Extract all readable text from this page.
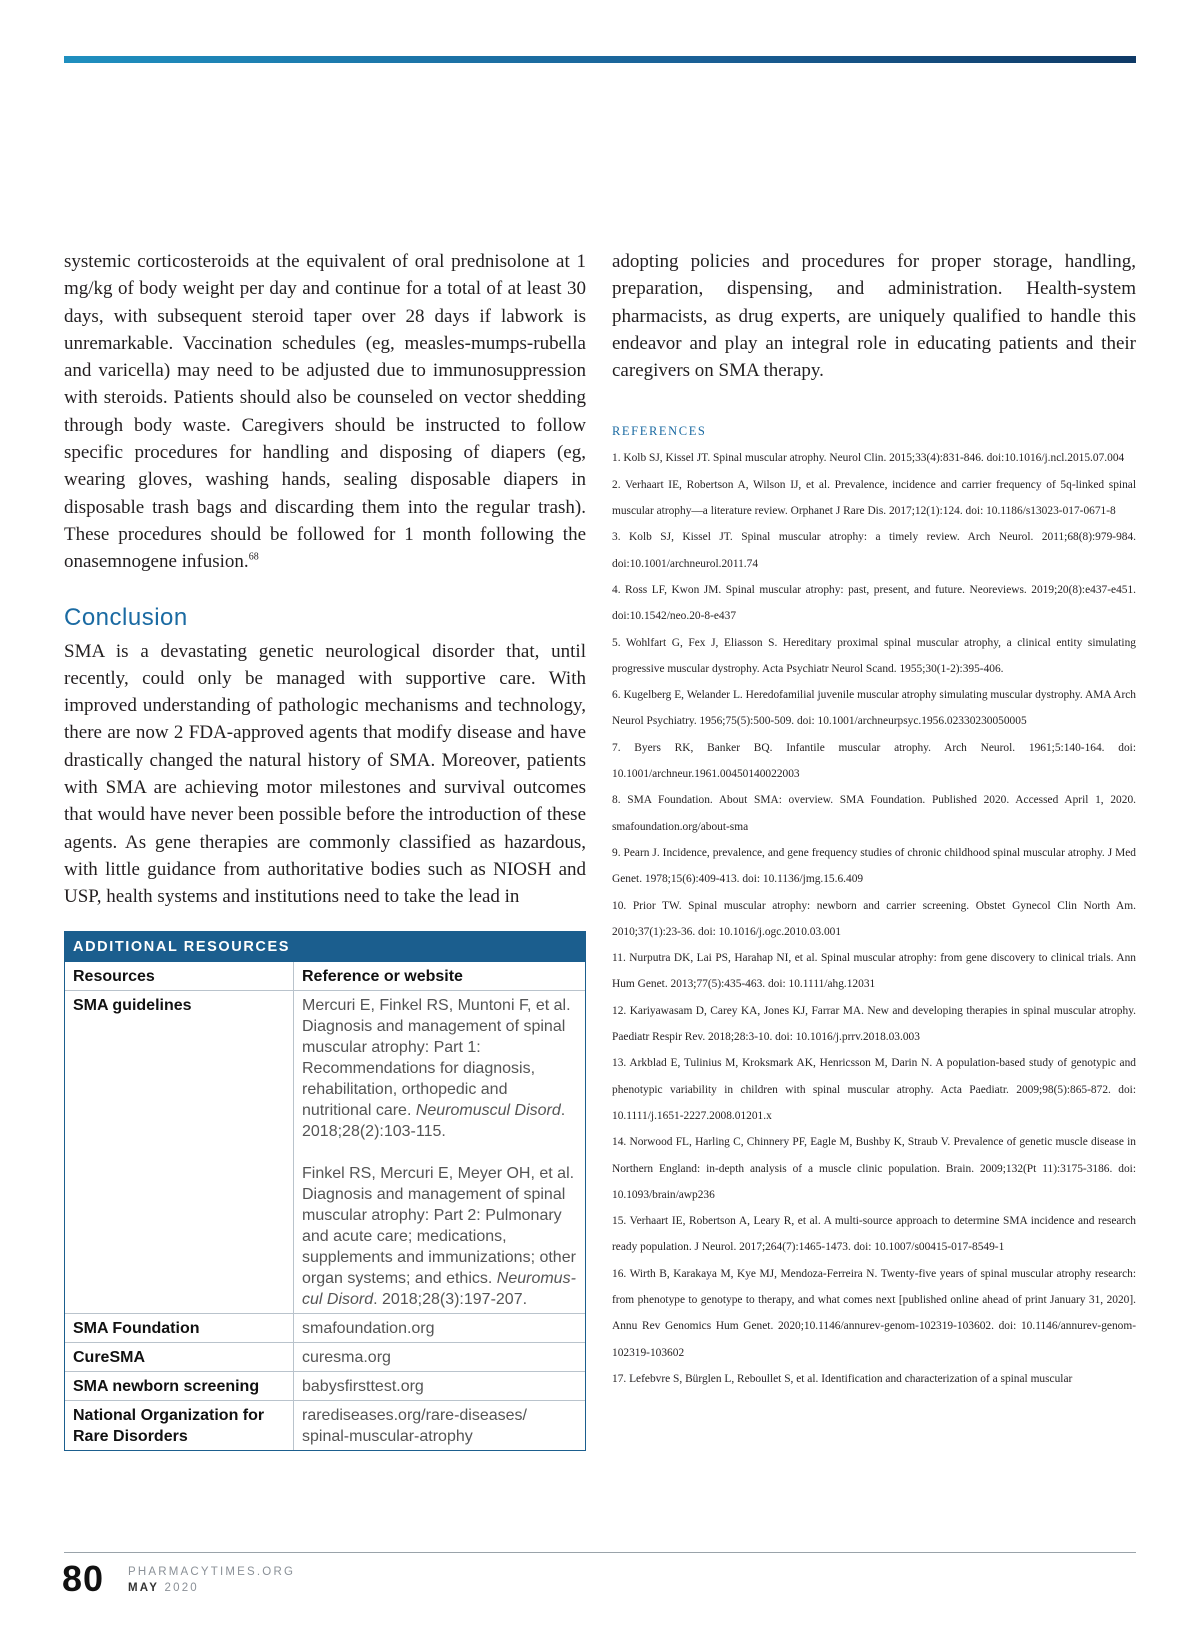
systemic corticosteroids at the equivalent of oral prednisolone at 1 mg/kg of body weight per day and continue for a total of at least 30 days, with subsequent steroid taper over 28 days if labwork is unremarkable. Vaccination schedules (eg, measles-mumps-rubella and varicella) may need to be adjusted due to immunosuppression with steroids. Patients should also be counseled on vector shedding through body waste. Caregivers should be instructed to follow specific procedures for handling and disposing of diapers (eg, wearing gloves, washing hands, sealing disposable diapers in disposable trash bags and discarding them into the regular trash). These procedures should be followed for 1 month following the onasemnogene infusion.$^{68}$

Conclusion

SMA is a devastating genetic neurological disorder that, until recently, could only be managed with supportive care. With improved understanding of pathologic mechanisms and technology, there are now 2 FDA-approved agents that modify disease and have drastically changed the natural history of SMA. Moreover, patients with SMA are achieving motor milestones and survival outcomes that would have never been possible before the introduction of these agents. As gene therapies are commonly classified as hazardous, with little guidance from authoritative bodies such as NIOSH and USP, health systems and institutions need to take the lead in

ADDITIONAL RESOURCES
Resources	Reference or website
SMA guidelines	Mercuri E, Finkel RS, Muntoni F, et al. Diagnosis and management of spinal muscular atrophy: Part 1: Recommendations for diagnosis, rehabilitation, orthopedic and nutritional care. Neuromuscul Disord. 2018;28(2):103-115.
Finkel RS, Mercuri E, Meyer OH, et al. Diagnosis and management of spinal muscular atrophy: Part 2: Pulmonary and acute care; medications, supplements and immunizations; other organ systems; and ethics. Neuromuscul Disord. 2018;28(3):197-207.
SMA Foundation	smafoundation.org
CureSMA	curesma.org
SMA newborn screening	babysfirsttest.org
National Organization for Rare Disorders	rarediseases.org/rare-diseases/ spinal-muscular-atrophy

adopting policies and procedures for proper storage, handling, preparation, dispensing, and administration. Health-system pharmacists, as drug experts, are uniquely qualified to handle this endeavor and play an integral role in educating patients and their caregivers on SMA therapy.

REFERENCES
1. Kolb SJ, Kissel JT. Spinal muscular atrophy. Neurol Clin. 2015;33(4):831-846. doi:10.1016/j.ncl.2015.07.004
2. Verhaart IE, Robertson A, Wilson IJ, et al. Prevalence, incidence and carrier frequency of 5q-linked spinal muscular atrophy—a literature review. Orphanet J Rare Dis. 2017;12(1):124. doi: 10.1186/s13023-017-0671-8
3. Kolb SJ, Kissel JT. Spinal muscular atrophy: a timely review. Arch Neurol. 2011;68(8):979-984. doi:10.1001/archneurol.2011.74
4. Ross LF, Kwon JM. Spinal muscular atrophy: past, present, and future. Neoreviews. 2019;20(8):e437-e451. doi:10.1542/neo.20-8-e437
5. Wohlfart G, Fex J, Eliasson S. Hereditary proximal spinal muscular atrophy, a clinical entity simulating progressive muscular dystrophy. Acta Psychiatr Neurol Scand. 1955;30(1-2):395-406.
6. Kugelberg E, Welander L. Heredofamilial juvenile muscular atrophy simulating muscular dystrophy. AMA Arch Neurol Psychiatry. 1956;75(5):500-509. doi: 10.1001/archneurpsyc.1956.02330230050005
7. Byers RK, Banker BQ. Infantile muscular atrophy. Arch Neurol. 1961;5:140-164. doi: 10.1001/archneur.1961.00450140022003
8. SMA Foundation. About SMA: overview. SMA Foundation. Published 2020. Accessed April 1, 2020. smafoundation.org/about-sma
9. Pearn J. Incidence, prevalence, and gene frequency studies of chronic childhood spinal muscular atrophy. J Med Genet. 1978;15(6):409-413. doi: 10.1136/jmg.15.6.409
10. Prior TW. Spinal muscular atrophy: newborn and carrier screening. Obstet Gynecol Clin North Am. 2010;37(1):23-36. doi: 10.1016/j.ogc.2010.03.001
11. Nurputra DK, Lai PS, Harahap NI, et al. Spinal muscular atrophy: from gene discovery to clinical trials. Ann Hum Genet. 2013;77(5):435-463. doi: 10.1111/ahg.12031
12. Kariyawasam D, Carey KA, Jones KJ, Farrar MA. New and developing therapies in spinal muscular atrophy. Paediatr Respir Rev. 2018;28:3-10. doi: 10.1016/j.prrv.2018.03.003
13. Arkblad E, Tulinius M, Kroksmark AK, Henricsson M, Darin N. A population-based study of genotypic and phenotypic variability in children with spinal muscular atrophy. Acta Paediatr. 2009;98(5):865-872. doi: 10.1111/j.1651-2227.2008.01201.x
14. Norwood FL, Harling C, Chinnery PF, Eagle M, Bushby K, Straub V. Prevalence of genetic muscle disease in Northern England: in-depth analysis of a muscle clinic population. Brain. 2009;132(Pt 11):3175-3186. doi: 10.1093/brain/awp236
15. Verhaart IE, Robertson A, Leary R, et al. A multi-source approach to determine SMA incidence and research ready population. J Neurol. 2017;264(7):1465-1473. doi: 10.1007/s00415-017-8549-1
16. Wirth B, Karakaya M, Kye MJ, Mendoza-Ferreira N. Twenty-five years of spinal muscular atrophy research: from phenotype to genotype to therapy, and what comes next [published online ahead of print January 31, 2020]. Annu Rev Genomics Hum Genet. 2020;10.1146/annurev-genom-102319-103602. doi: 10.1146/annurev-genom-102319-103602
17. Lefebvre S, Bürglen L, Reboullet S, et al. Identification and characterization of a spinal muscular
80 PHARMACYTIMES.ORG
MAY 2020
